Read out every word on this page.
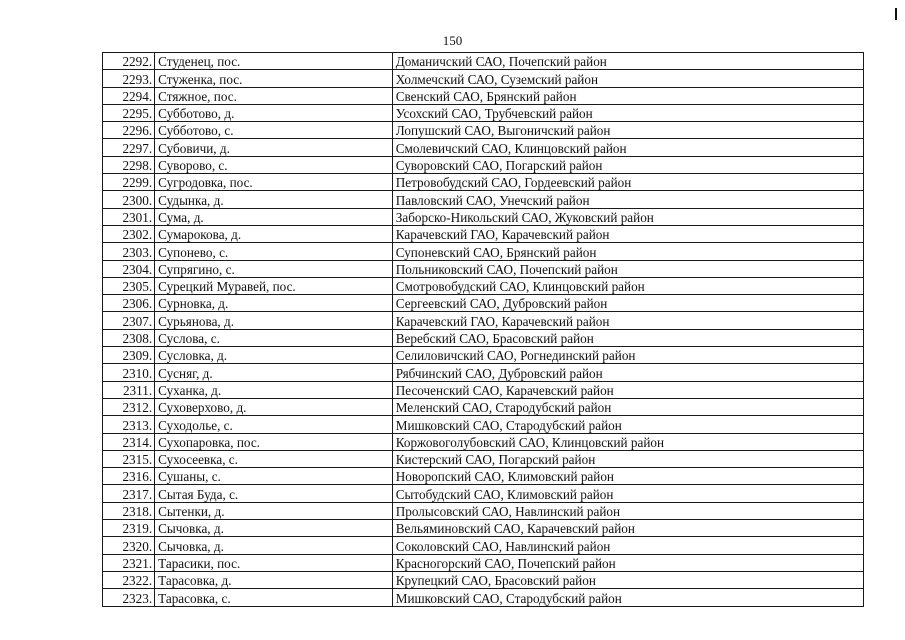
150
2292.	Студенец, пос.	Доманичский САО, Почепский район
2293.	Стуженка, пос.	Холмечский САО, Суземский район
2294.	Стяжное, пос.	Свенский САО, Брянский район
2295.	Субботово, д.	Усохский САО, Трубчевский район
2296.	Субботово, с.	Лопушский САО, Выгоничский район
2297.	Субовичи, д.	Смолевичский САО, Клинцовский район
2298.	Суворово, с.	Суворовский САО, Погарский район
2299.	Сугродовка, пос.	Петровобудский САО, Гордеевский район
2300.	Судынка, д.	Павловский САО, Унечский район
2301.	Сума, д.	Заборско-Никольский САО, Жуковский район
2302.	Сумарокова, д.	Карачевский ГАО, Карачевский район
2303.	Супонево, с.	Супоневский САО, Брянский район
2304.	Супрягино, с.	Польниковский САО, Почепский район
2305.	Сурецкий Муравей, пос.	Смотровобудский САО, Клинцовский район
2306.	Сурновка, д.	Сергеевский САО, Дубровский район
2307.	Сурьянова, д.	Карачевский ГАО, Карачевский район
2308.	Суслова, с.	Веребский САО, Брасовский район
2309.	Сусловка, д.	Селиловичский САО, Рогнединский район
2310.	Сусняг, д.	Рябчинский САО, Дубровский район
2311.	Суханка, д.	Песоченский САО, Карачевский район
2312.	Суховерхово, д.	Меленский САО, Стародубский район
2313.	Суходолье, с.	Мишковский САО, Стародубский район
2314.	Сухопаровка, пос.	Коржовоголубовский САО, Клинцовский район
2315.	Сухосеевка, с.	Кистерский САО, Погарский район
2316.	Сушаны, с.	Новоропский САО, Климовский район
2317.	Сытая Буда, с.	Сытобудский САО, Климовский район
2318.	Сытенки, д.	Пролысовский САО, Навлинский район
2319.	Сычовка, д.	Вельяминовский САО, Карачевский район
2320.	Сычовка, д.	Соколовский САО, Навлинский район
2321.	Тарасики, пос.	Красногорский САО, Почепский район
2322.	Тарасовка, д.	Крупецкий САО, Брасовский район
2323.	Тарасовка, с.	Мишковский САО, Стародубский район
